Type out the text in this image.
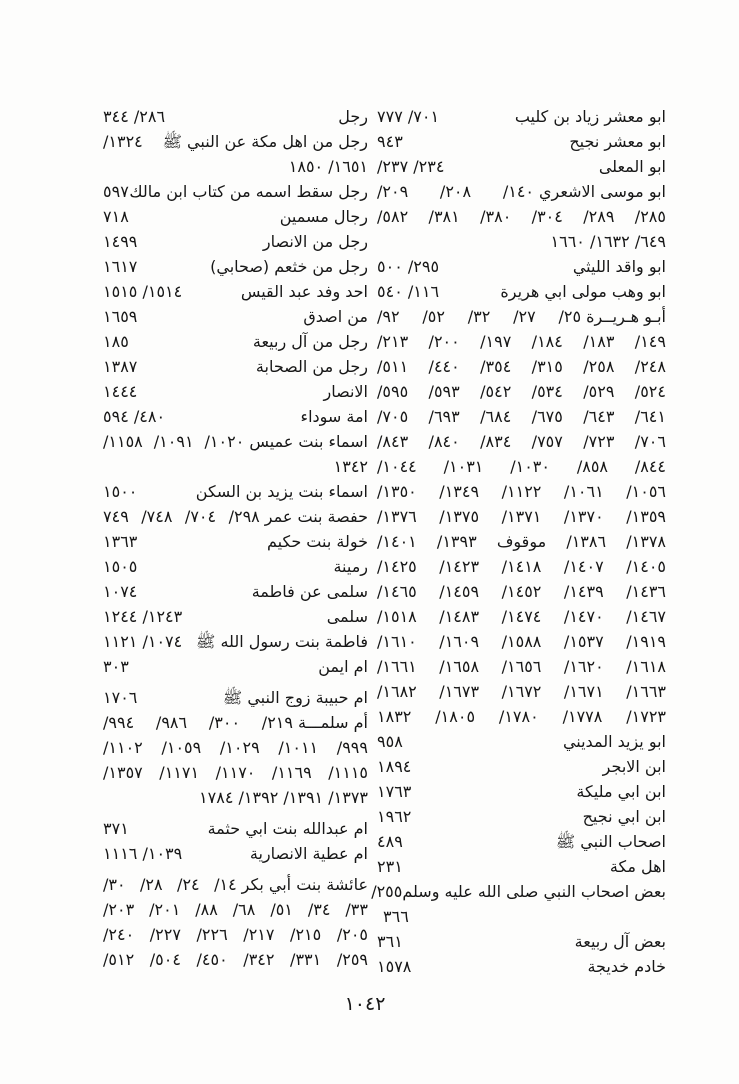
ابو معشر زياد بن كليب
٧٠١/ ٧٧٧
ابو معشر نجيح
٩٤٣
ابو المعلى
٢٣٤/ ٢٣٧/
ابو موسى الاشعري
١٤٠/ ٢٠٨/ ٢٠٩/
٢٨٥/ ٢٨٩/ ٣٠٤/ ٣٨٠/ ٣٨١/ ٥٨٢/
٦٤٩/ ١٦٣٢/ ١٦٦٠
ابو واقد الليثي
٢٩٥/ ٥٠٠
ابو وهب مولى ابي هريرة
١١٦/ ٥٤٠
أبـو هـريــرة
٢٥/ ٢٧/ ٣٢/ ٥٢/ ٩٢/
١٤٩/ ١٨٣/ ١٨٤/ ١٩٧/ ٢٠٠/ ٢١٣/
٢٤٨/ ٢٥٨/ ٣١٥/ ٣٥٤/ ٤٤٠/ ٥١١/
٥٢٤/ ٥٢٩/ ٥٣٤/ ٥٤٢/ ٥٩٣/ ٥٩٥/
٦٤١/ ٦٤٣/ ٦٧٥/ ٦٨٤/ ٦٩٣/ ٧٠٥/
٧٠٦/ ٧٢٣/ ٧٥٧/ ٨٣٤/ ٨٤٠/ ٨٤٣/
٨٤٤/ ٨٥٨/ ١٠٣٠/ ١٠٣١/ ١٠٤٤/
١٠٥٦/ ١٠٦١/ ١١٢٢/ ١٣٤٩/ ١٣٥٠/
١٣٥٩/ ١٣٧٠/ ١٣٧١/ ١٣٧٥/ ١٣٧٦/
١٣٧٨/ ١٣٨٦/ موقوف ١٣٩٣/ ١٤٠١/
١٤٠٥/ ١٤٠٧/ ١٤١٨/ ١٤٢٣/ ١٤٢٥/
١٤٣٦/ ١٤٣٩/ ١٤٥٢/ ١٤٥٩/ ١٤٦٥/
١٤٦٧/ ١٤٧٠/ ١٤٧٤/ ١٤٨٣/ ١٥١٨/
١٩١٩/ ١٥٣٧/ ١٥٨٨/ ١٦٠٩/ ١٦١٠/
١٦١٨/ ١٦٢٠/ ١٦٥٦/ ١٦٥٨/ ١٦٦١/
١٦٦٣/ ١٦٧١/ ١٦٧٢/ ١٦٧٣/ ١٦٨٢/
١٧٢٣/ ١٧٧٨/ ١٧٨٠/ ١٨٠٥/ ١٨٣٢
ابو يزيد المديني
٩٥٨
ابن الابجر
١٨٩٤
ابن ابي مليكة
١٧٦٣
ابن ابي نجيح
١٩٦٢
اصحاب النبي ﷺ
٤٨٩
اهل مكة
٢٣١
بعض اصحاب النبي صلى الله عليه وسلم
٢٥٥/
٣٦٦
بعض آل ربيعة
٣٦١
خادم خديجة
١٥٧٨
رجل
٢٨٦/ ٣٤٤
رجل من اهل مكة عن النبي ﷺ
١٣٢٤/
١٦٥١/ ١٨٥٠
رجل سقط اسمه من كتاب ابن مالك
٥٩٧
رجال مسمين
٧١٨
رجل من الانصار
١٤٩٩
رجل من خثعم (صحابي)
١٦١٧
احد وفد عبد القيس
١٥١٤/ ١٥١٥
من اصدق
١٦٥٩
رجل من آل ربيعة
١٨٥
رجل من الصحابة
١٣٨٧
الانصار
١٤٤٤
امة سوداء
٤٨٠/ ٥٩٤
اسماء بنت عميس
١٠٢٠/ ١٠٩١/ ١١٥٨/
١٣٤٢
اسماء بنت يزيد بن السكن
١٥٠٠
حفصة بنت عمر
٢٩٨/ ٧٠٤/ ٧٤٨/ ٧٤٩
خولة بنت حكيم
١٣٦٣
رمينة
١٥٠٥
سلمى عن فاطمة
١٠٧٤
سلمى
١٢٤٣/ ١٢٤٤
فاطمة بنت رسول الله ﷺ
١٠٧٤/ ١١٢١
ام ايمن
٣٠٣
ام حبيبة زوج النبي ﷺ
١٧٠٦
أم سلمـــة
٢١٩/ ٣٠٠/ ٩٨٦/ ٩٩٤/
٩٩٩/ ١٠١١/ ١٠٢٩/ ١٠٥٩/ ١١٠٢/
١١١٥/ ١١٦٩/ ١١٧٠/ ١١٧١/ ١٣٥٧/
١٣٧٣/ ١٣٩١/ ١٣٩٢/ ١٧٨٤
ام عبدالله بنت ابي حثمة
٣٧١
ام عطية الانصارية
١٠٣٩/ ١١١٦
عائشة بنت أبي بكر
١٤/ ٢٤/ ٢٨/ ٣٠/
٣٣/ ٣٤/ ٥١/ ٦٨/ ٨٨/ ٢٠١/ ٢٠٣/
٢٠٥/ ٢١٥/ ٢١٧/ ٢٢٦/ ٢٢٧/ ٢٤٠/
٢٥٩/ ٣٣١/ ٣٤٢/ ٤٥٠/ ٥٠٤/ ٥١٢/
١٠٤٢
